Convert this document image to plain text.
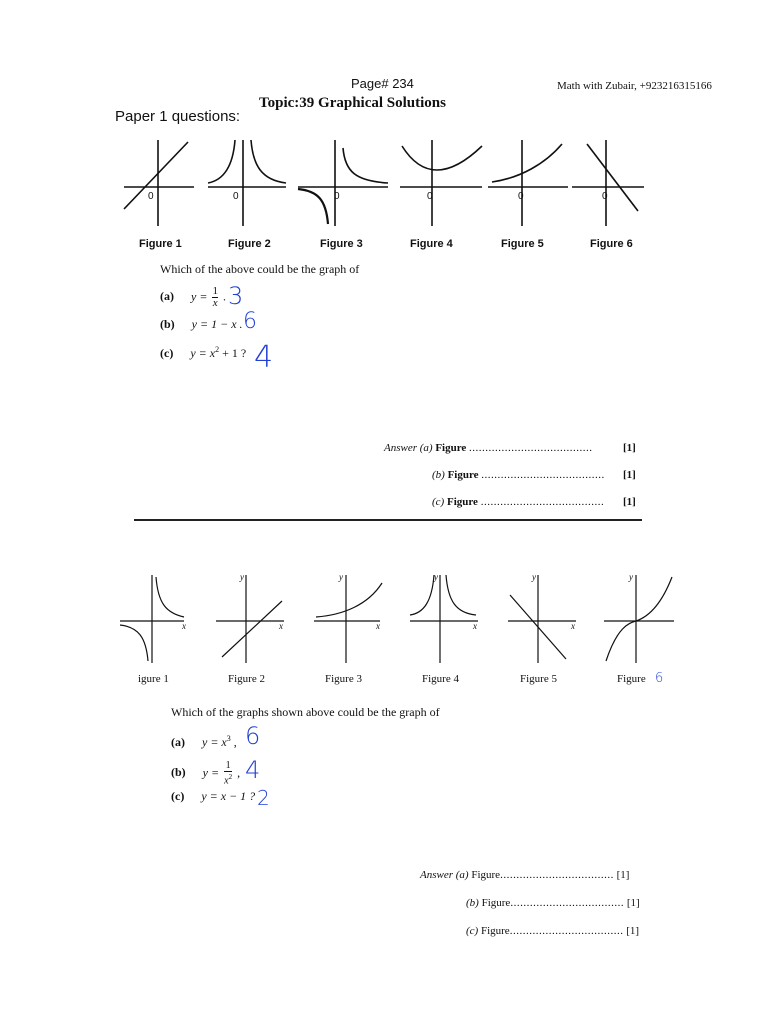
Page# 234	Math with Zubair, +923216315166
Topic:39 Graphical Solutions
Paper 1 questions:
0	0	0	0	0	0
Figure 1	Figure 2	Figure 3	Figure 4	Figure 5	Figure 6
Which of the above could be the graph of
(a) $y = \frac{1}{x}$ . 3
(b) y = 1 − x . 6
(c) $y = x^2 + 1$ ? 4
Answer (a) Figure ......................................	[1]
(b) Figure ...................................... [1]
(c) Figure ...................................... [1]
x
y
x
y
x
y
x
y
x
y
igure 1	Figure 2	Figure 3	Figure 4	Figure 5	Figure 6
Which of the graphs shown above could be the graph of
(a) $y = x^3$ , 6
(b) $y = \frac{1}{x^2}$ , 4
(c) y = x − 1 ? 2
Answer (a) Figure................................... [1]
(b) Figure................................... [1]
(c) Figure................................... [1]
